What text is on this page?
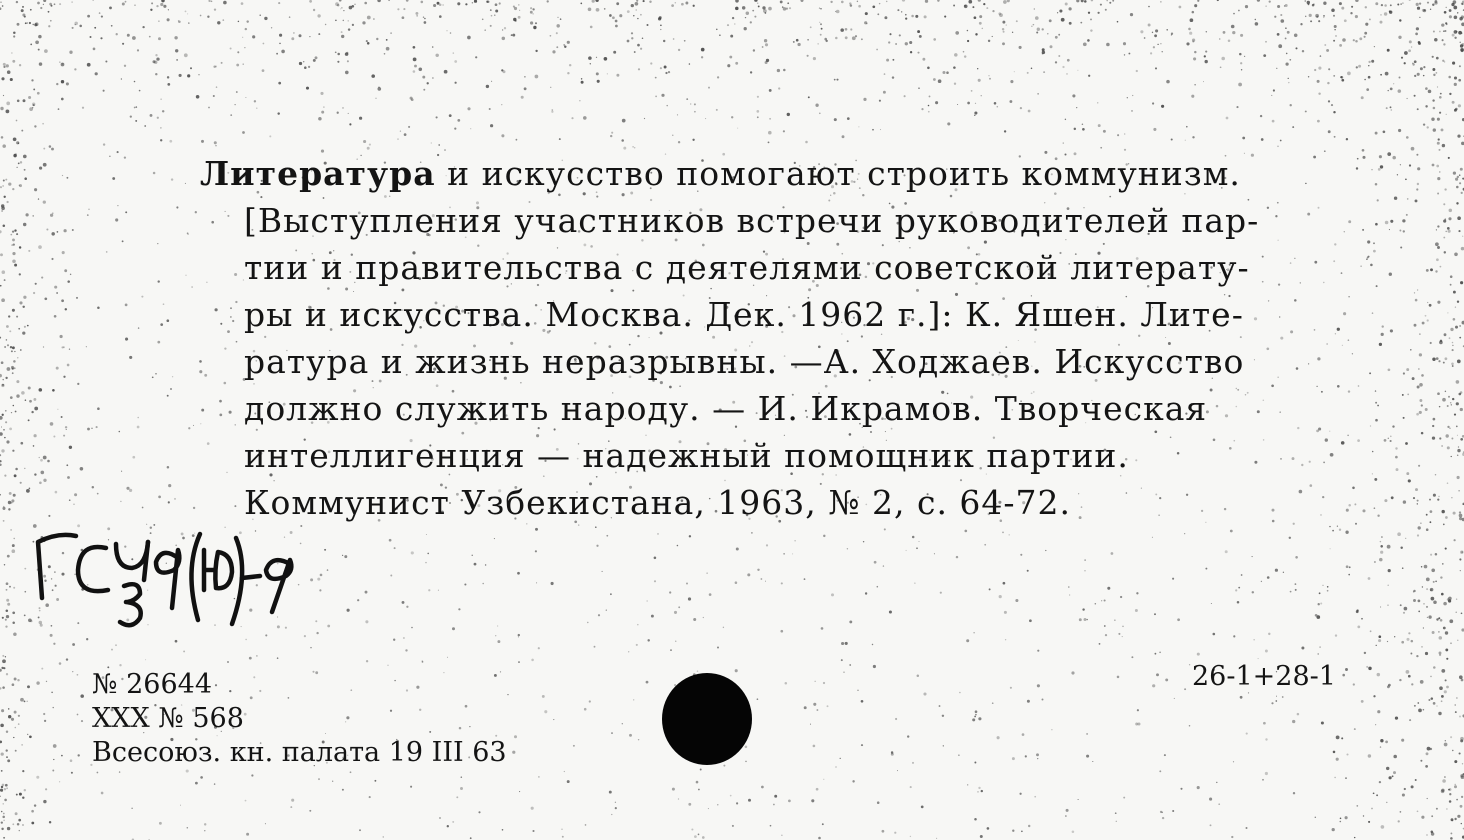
Литература и искусство помогают строить коммунизм.
[Выступления участников встречи руководителей пар-
тии и правительства с деятелями советской литерату-
ры и искусства. Москва. Дек. 1962 г.]: К. Яшен. Лите-
ратура и жизнь неразрывны. —А. Ходжаев. Искусство
должно служить народу. — И. Икрамов. Творческая
интеллигенция — надежный помощник партии.
Коммунист Узбекистана, 1963, № 2, с. 64-72.
№ 26644
XXX № 568
Всесоюз. кн. палата 19 III 63
26-1+28-1
